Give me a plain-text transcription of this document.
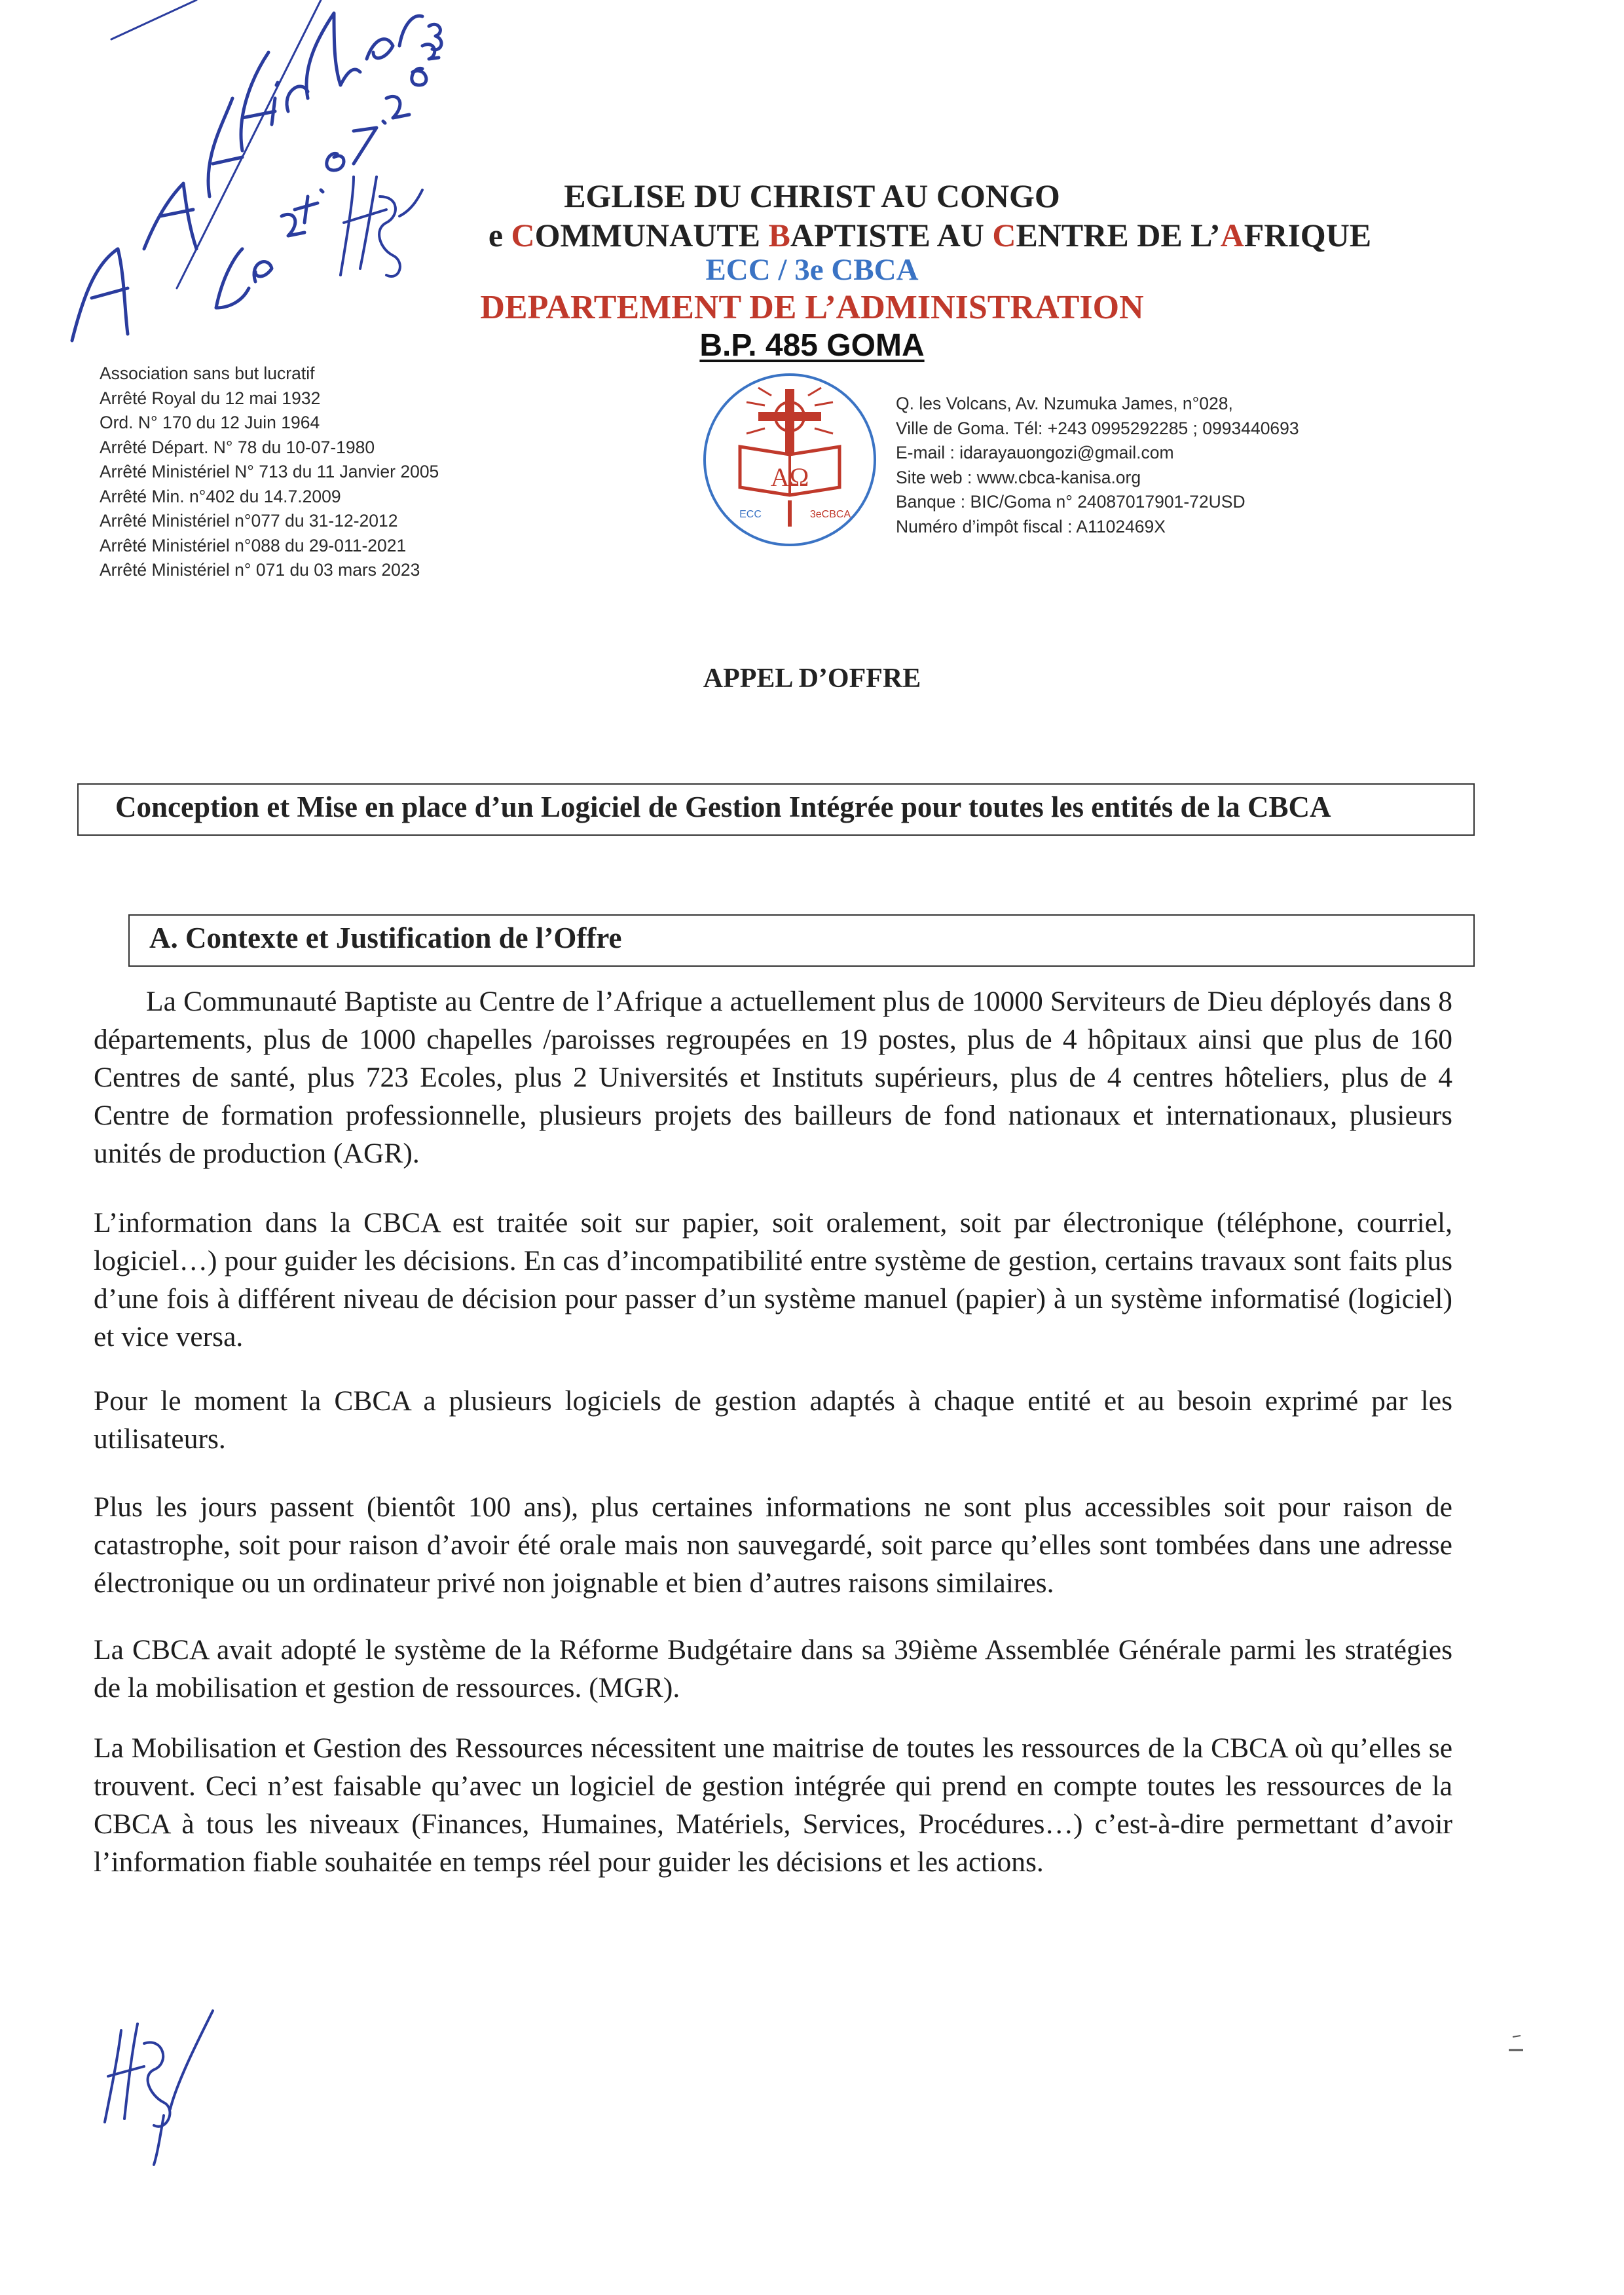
EGLISE DU CHRIST AU CONGO
e COMMUNAUTE BAPTISTE AU CENTRE DE L’AFRIQUE
ECC / 3e CBCA
DEPARTEMENT DE L’ADMINISTRATION
B.P. 485 GOMA
Association sans but lucratif
Arrêté Royal du 12 mai 1932
Ord. N° 170 du 12 Juin 1964
Arrêté Départ. N° 78 du 10-07-1980
Arrêté Ministériel N° 713 du 11 Janvier 2005
Arrêté Min. n°402 du 14.7.2009
Arrêté Ministériel n°077 du 31-12-2012
Arrêté Ministériel n°088 du 29-011-2021
Arrêté Ministériel n° 071 du 03 mars 2023
AΩ
ECC	3eCBCA
Q. les Volcans, Av. Nzumuka James, n°028,
Ville de Goma. Tél: +243 0995292285 ; 0993440693
E-mail : idarayauongozi@gmail.com
Site web : www.cbca-kanisa.org
Banque : BIC/Goma n° 24087017901-72USD
Numéro d’impôt fiscal : A1102469X
APPEL D’OFFRE
Conception et Mise en place d’un Logiciel de Gestion Intégrée pour toutes les entités de la CBCA
A. Contexte et Justification de l’Offre

La Communauté Baptiste au Centre de l’Afrique a actuellement plus de 10000 Serviteurs de Dieu déployés dans 8 départements, plus de 1000 chapelles /paroisses regroupées en 19 postes, plus de 4 hôpitaux ainsi que plus de 160 Centres de santé, plus 723 Ecoles, plus 2 Universités et Instituts supérieurs, plus de 4 centres hôteliers, plus de 4 Centre de formation professionnelle, plusieurs projets des bailleurs de fond nationaux et internationaux, plusieurs unités de production (AGR).

L’information dans la CBCA est traitée soit sur papier, soit oralement, soit par électronique (téléphone, courriel, logiciel…) pour guider les décisions. En cas d’incompatibilité entre système de gestion, certains travaux sont faits plus d’une fois à différent niveau de décision pour passer d’un système manuel (papier) à un système informatisé (logiciel) et vice versa.

Pour le moment la CBCA a plusieurs logiciels de gestion adaptés à chaque entité et au besoin exprimé par les utilisateurs.

Plus les jours passent (bientôt 100 ans), plus certaines informations ne sont plus accessibles soit pour raison de catastrophe, soit pour raison d’avoir été orale mais non sauvegardé, soit parce qu’elles sont tombées dans une adresse électronique ou un ordinateur privé non joignable et bien d’autres raisons similaires.

La CBCA avait adopté le système de la Réforme Budgétaire dans sa 39ième Assemblée Générale parmi les stratégies de la mobilisation et gestion de ressources. (MGR).

La Mobilisation et Gestion des Ressources nécessitent une maitrise de toutes les ressources de la CBCA où qu’elles se trouvent. Ceci n’est faisable qu’avec un logiciel de gestion intégrée qui prend en compte toutes les ressources de la CBCA à tous les niveaux (Finances, Humaines, Matériels, Services, Procédures…) c’est-à-dire permettant d’avoir l’information fiable souhaitée en temps réel pour guider les décisions et les actions.
